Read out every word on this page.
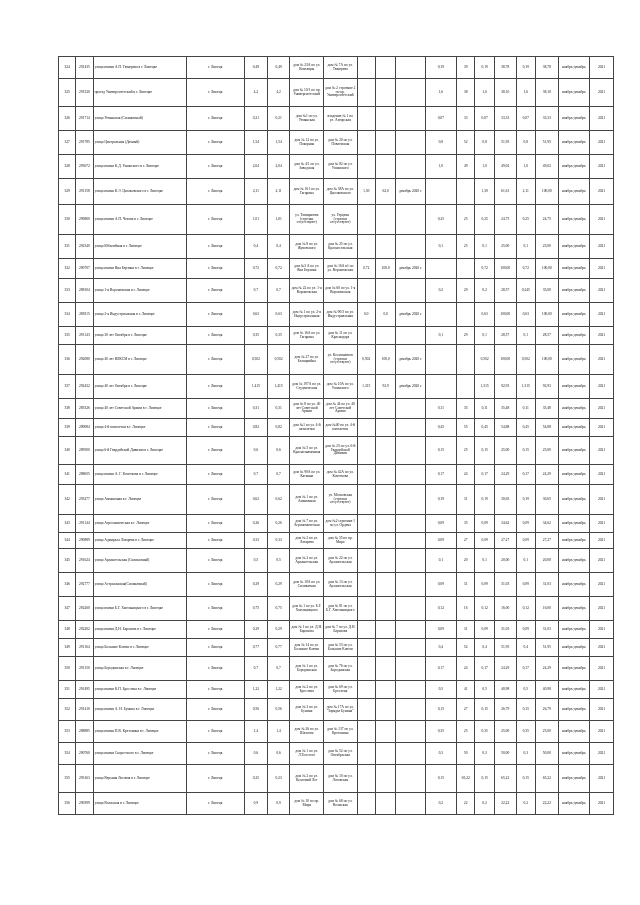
324	291435	улица имени А.П. Тюнерева в г. Липецке	г. Липецк	0,49	0,49	дом № 23А по ул. Кентавры	дом № 7А по ул. Тюнерева				0,19	39	0,19	38,78	0,19	38,78	ноябрь-декабрь	2021
325	291520	проезд Университетский в г. Липецке	г. Липецк	4,2	4,2	дом № 10/1 по пр. Университетский	дом № 2 строение 2 по пр. Университетский				1,6	38	1,6	38,10	1,6	38,10	ноябрь-декабрь	2021
326	291714	улица Уемянская (Силикатный)	г. Липецк	0,21	0,21	дом №1 по ул. Уемянская	владение № 1 по ул. Азгирская				0,07	33	0,07	33,33	0,07	33,33	ноябрь-декабрь	2021
327	291785	улица Центральная (Дачный)	г. Липецк	1,54	1,54	дом № 12 по ул. Покорная	дом № 20 по ул. Повлеиская				0,8	52	0,8	51,95	0,8	51,95	ноябрь-декабрь	2021
328	293072	улица имени К.Д. Ушинского в г. Липецке	г. Липецк	2,04	2,04	дом № 4/1 по ул. Заводская	дом № 82 по ул. Ушинского				1,0	49	1,0	49,02	1,0	49,02	ноябрь-декабрь	2021
329	291158	улица имени К.Э. Циолковского в г. Липецке	г. Липецк	2,11	2,11	дом № 161 по ул. Гагарина	дом № 38А по ул. Циолковского	1,30	62,0	декабрь 2020 г.			1,30	61,61	2,11	100,00	ноябрь-декабрь	2021
330	290800	улица имени А.П. Чехова в г. Липецке	г. Липецк	1,01	1,01	ул. Тимирязева (стрелки отсутствуют)	ул. Герцена (стрелки отсутствуют)				0,25	25	0,25	24,75	0,25	24,75	ноябрь-декабрь	2021
331	292340	улица Юбилейная в г. Липецке	г. Липецк	0,4	0,4	дом № 8 по ул. Жуковского	дом № 25 по ул. Красносельская				0,1	25	0,1	25,00	0,1	25,00	ноябрь-декабрь	2021
332	290707	улица имени Яна Берзина в г. Липецке	г. Липецк	0,72	0,72	дом №3 А по ул. Яна Берзина	дом № 16А в1 по ул. Воронежская	0,72	100,0	декабрь 2020 г.			0,72	100,00	0,72	100,00	ноябрь-декабрь	2021
333	288104	улица 1-я Воронежская в г. Липецке	г. Липецк	0,7	0,7	дом № 22 по ул. 1-я Воронежская	дом № 60 по ул. 1-я Воронежская				0,2	29	0,2	28,57	0,245	35,00	ноябрь-декабрь	2021
334	288115	улица 2-я Индустриальная в г. Липецке	г. Липецк	0,63	0,63	дом № 1 по ул. 2-я Индустриальная	дом № 90/3 по ул. Индустриальная	0,0	0,0	декабрь 2020 г.			0,63	100,00	0,63	100,00	ноябрь-декабрь	2021
335	291143	улица 30 лет Октября в г. Липецке	г. Липецк	0,35	0,35	дом № 16А по ул. Гагарина	дом № 11 по ул. Краснодара				0,1	29	0,1	28,57	0,1	28,57	ноябрь-декабрь	2021
336	292080	улица 40 лет ВЛКСМ в г. Липецке	г. Липецк	0,502	0,502	дом № 27 по ул. Беляцкийна	ул. Космонавтов (стрелки отсутствуют)	0,502	100,0	декабрь 2020 г.			0,502	100,00	0,502	100,00	ноябрь-декабрь	2021
337	292432	улица 40 лет Октября в г. Липецке	г. Липецк	1,415	1,415	дом № 197А по ул. Студенческая	дом № 10А по ул. Ушинского	1,315	92,9	декабрь 2020 г.			1,315	92,93	1,315	92,93	ноябрь-декабрь	2021
338	285326	улица 40 лет Советской Армии в г. Липецке	г. Липецк	0,31	0,31	дом № 8 по ул. 40 лет Советской Армии	дом № 44 по ул. 40 лет Советской Армии				0,11	35	0,11	35,48	0,11	35,48	ноябрь-декабрь	2021
339	289084	улица 4-й пятилетки в г. Липецке	г. Липецк	0,82	0,82	дом №1 по ул. 4-й пятилетки	дом №40 по ул. 4-й пятилетки				0,45	55	0,45	54,88	0,45	54,88	ноябрь-декабрь	2021
340	289500	улица 6-й Гвардейской Дивизии в г. Липецке	г. Липецк	0,6	0,6	дом № 5 по ул. Краснознаменная	дом № 25 по ул. 6-й Гвардейской Дивизии				0,15	25	0,15	25,00	0,15	25,00	ноябрь-декабрь	2021
341	288655	улица имени А. Г. Кочеткова в г. Липецке	г. Липецк	0,7	0,7	дом № 90А по ул. Катнина	дом № 42А по ул. Кочеткова				0,17	24	0,17	24,29	0,17	24,29	ноябрь-декабрь	2021
342	293277	улица Аммиачная в г. Липецке	г. Липецк	0,62	0,62	дом № 1 по ул. Аммиачная	ул. Московская (стрелки отсутствуют)				0,19	31	0,19	30,65	0,19	30,65	ноябрь-декабрь	2021
343	291144	улица Агрохимическая в г. Липецке	г. Липецк	0,26	0,26	дом № 7 по ул. Агрономическая	дом №2 строение 1 по ул. Ордена				0,09	35	0,09	34,62	0,09	34,62	ноябрь-декабрь	2021
344	290889	улица Адмирала Лазарева в г. Липецке	г. Липецк	0,33	0,33	дом № 2 по ул. Лазарева	дом № 35 по пр. Мира				0,09	27	0,09	27,27	0,09	27,27	ноябрь-декабрь	2021
345	291624	улица Архангельская (Силикатный)	г. Липецк	0,5	0,5	дом № 2 по ул. Архангельская	дом № 22 по ул. Архангельская				0,1	20	0,1	20,00	0,1	20,00	ноябрь-декабрь	2021
346	292777	улица Астраханская(Силикатный)	г. Липецк	0,29	0,29	дом № 10А по ул. Силикатная	дом № 13 по ул. Архангельская				0,09	31	0,09	31,03	0,09	31,03	ноябрь-декабрь	2021
347	292260	улица имени Б.Г. Хмельницкого в г. Липецке	г. Липецк	0,75	0,75	дом № 1 по ул. Б.Г. Хмельницкого	дом № 81 по ул. Б.Г. Хмельницкого				0,12	16	0,12	16,00	0,12	16,00	ноябрь-декабрь	2021
348	292202	улица имени Д.Н. Барахова в г. Липецке	г. Липецк	0,29	0,29	дом № 1 по ул. Д.Н. Бараховa	дом № 7 по ул. Д.Н. Бараховa				0,09	31	0,09	31,03	0,09	31,03	ноябрь-декабрь	2021
349	291164	улица Большие Ключи в г. Липецке	г. Липецк	0,77	0,77	дом № 14 по ул. Большие Ключи	дом № 53 по ул. Большие Ключи				0,4	52	0,4	51,95	0,4	51,95	ноябрь-декабрь	2021
350	291150	улица Бородинская в г. Липецке	г. Липецк	0,7	0,7	дом № 1 по ул. Бородинская	дом № 76 по ул. Бородинская				0,17	24	0,17	24,29	0,17	24,29	ноябрь-декабрь	2021
351	291495	улица имени К.П. Брослена в г. Липецке	г. Липецк	1,22	1,22	дом № 2 по ул. Брослена	дом № 69 по ул. Брослена				0,5	41	0,5	40,98	0,5	40,98	ноябрь-декабрь	2021
352	291410	улица имени А. Н. Бунина в г. Липецке	г. Липецк	0,56	0,56	дом № 3 по ул. Бунина	дом № 17А по ул. "Зарядье Бунина"				0,15	27	0,15	26,79	0,15	26,79	ноябрь-декабрь	2021
353	288885	улица имени П.В. Кретонина в г. Липецке	г. Липецк	1,4	1,4	дом № 26 по ул. Шахтова	дом № 137 по ул. Кретонина				0,35	25	0,35	25,00	0,35	25,00	ноябрь-декабрь	2021
354	290760	улица имени Скоротского в г. Липецке	г. Липецк	0,6	0,6	дом № 1 по ул. Л.Толстого	дом № 52 по ул. Октябрьская				0,3	50	0,3	50,00	0,3	50,00	ноябрь-декабрь	2021
355	293163	улица Верхняя Логовая в г. Липецке	г. Липецк	0,25	0,23	дом № 2 по ул. Козловый Лог	дом № 10 по ул. Логовская				0,15	65,22	0,15	65,22	0,15	65,22	ноябрь-декабрь	2021
356	290399	улица Волжская в г. Липецке	г. Липецк	0,9	0,9	дом № 10 по пр. Мира	дом № 68 по ул. Волжская				0,2	22	0,2	22,22	0,2	22,22	ноябрь-декабрь	2021
